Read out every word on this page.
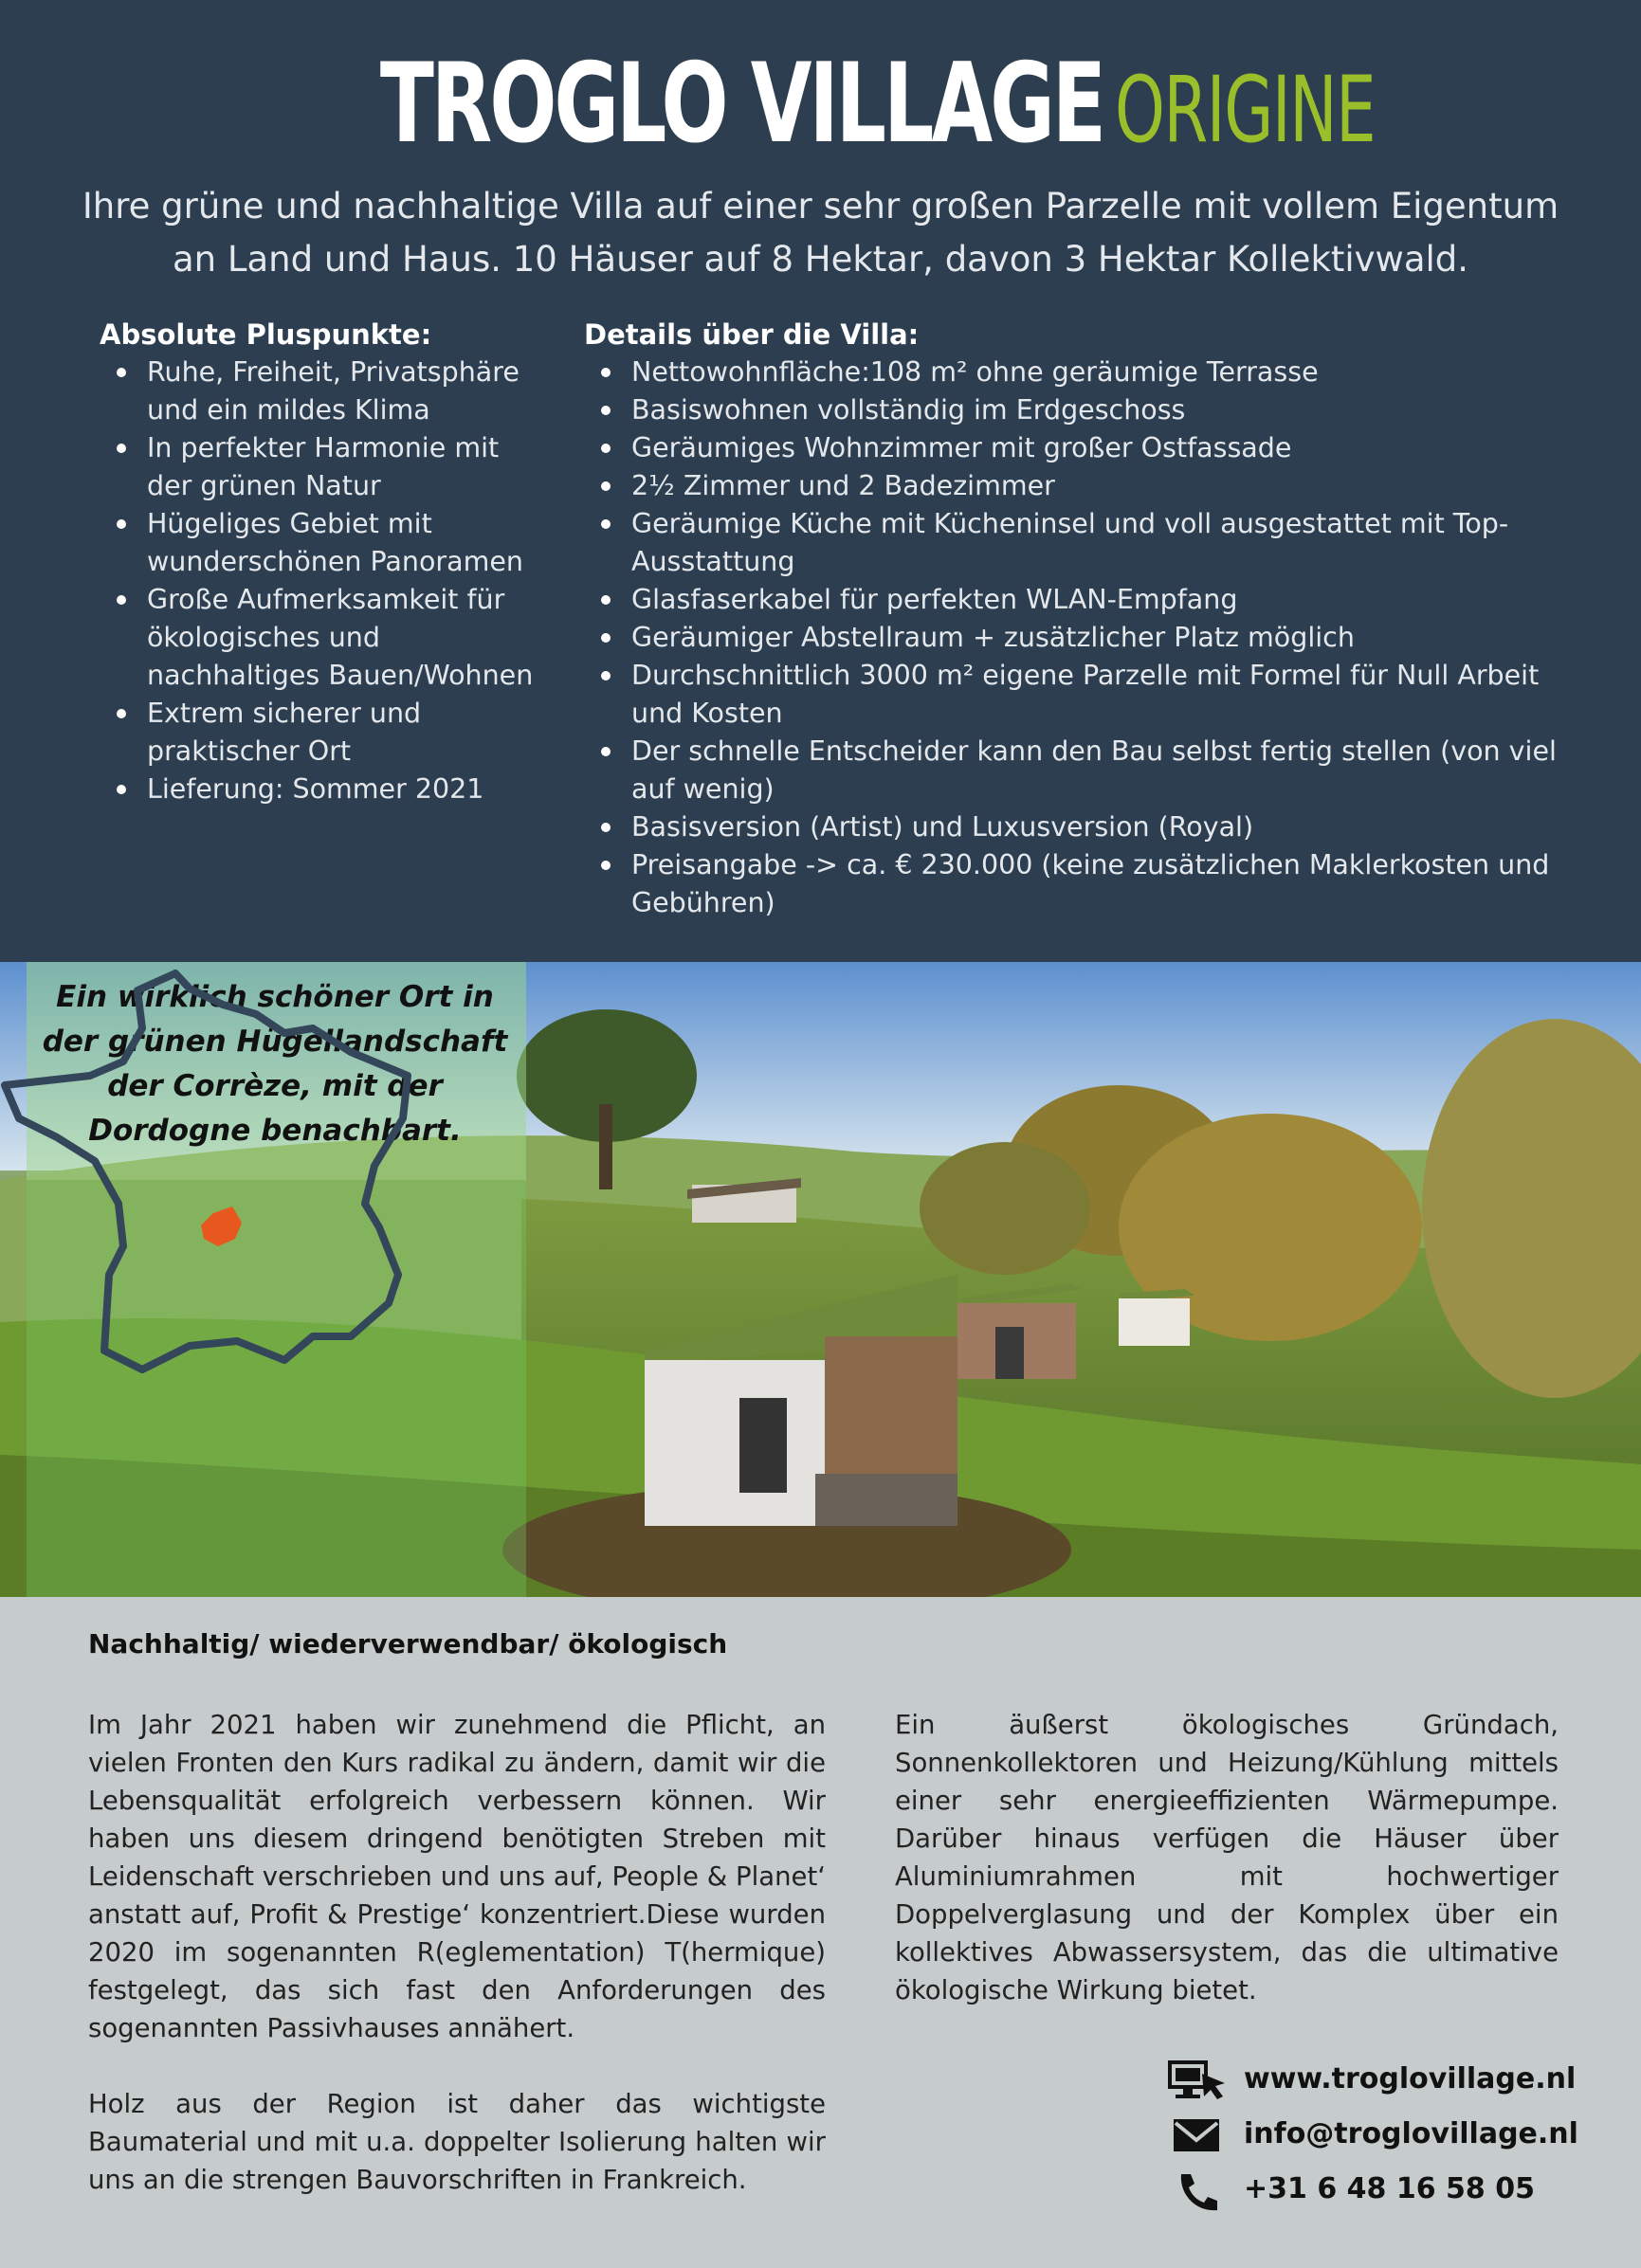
TROGLO VILLAGE ORIGINE
Ihre grüne und nachhaltige Villa auf einer sehr großen Parzelle mit vollem Eigentum an Land und Haus. 10 Häuser auf 8 Hektar, davon 3 Hektar Kollektivwald.
Absolute Pluspunkte:
Ruhe, Freiheit, Privatsphäre und ein mildes Klima
In perfekter Harmonie mit der grünen Natur
Hügeliges Gebiet mit wunderschönen Panoramen
Große Aufmerksamkeit für ökologisches und nachhaltiges Bauen/Wohnen
Extrem sicherer und praktischer Ort
Lieferung: Sommer 2021
Details über die Villa:
Nettowohnfläche:108 m² ohne geräumige Terrasse
Basiswohnen vollständig im Erdgeschoss
Geräumiges Wohnzimmer mit großer Ostfassade
2½ Zimmer und 2 Badezimmer
Geräumige Küche mit Kücheninsel und voll ausgestattet mit Top-Ausstattung
Glasfaserkabel für perfekten WLAN-Empfang
Geräumiger Abstellraum + zusätzlicher Platz möglich
Durchschnittlich 3000 m² eigene Parzelle mit Formel für Null Arbeit und Kosten
Der schnelle Entscheider kann den Bau selbst fertig stellen (von viel auf wenig)
Basisversion (Artist) und Luxusversion (Royal)
Preisangabe -> ca. € 230.000 (keine zusätzlichen Maklerkosten und Gebühren)
Ein wirklich schöner Ort in der grünen Hügellandschaft der Corrèze, mit der Dordogne benachbart.
Nachhaltig/ wiederverwendbar/ ökologisch
Im Jahr 2021 haben wir zunehmend die Pflicht, an vielen Fronten den Kurs radikal zu ändern, damit wir die Lebensqualität erfolgreich verbessern können. Wir haben uns diesem dringend benötigten Streben mit Leidenschaft verschrieben und uns auf, People & Planet‘ anstatt auf, Profit & Prestige‘ konzentriert.Diese wurden 2020 im sogenannten R(eglementation) T(hermique) festgelegt, das sich fast den Anforderungen des sogenannten Passivhauses annähert.
Holz aus der Region ist daher das wichtigste Baumaterial und mit u.a. doppelter Isolierung halten wir uns an die strengen Bauvorschriften in Frankreich.
Ein äußerst ökologisches Gründach, Sonnenkollektoren und Heizung/Kühlung mittels einer sehr energieeffizienten Wärmepumpe. Darüber hinaus verfügen die Häuser über Aluminiumrahmen mit hochwertiger Doppelverglasung und der Komplex über ein kollektives Abwassersystem, das die ultimative ökologische Wirkung bietet.
www.troglovillage.nl
info@troglovillage.nl
+31 6 48 16 58 05
